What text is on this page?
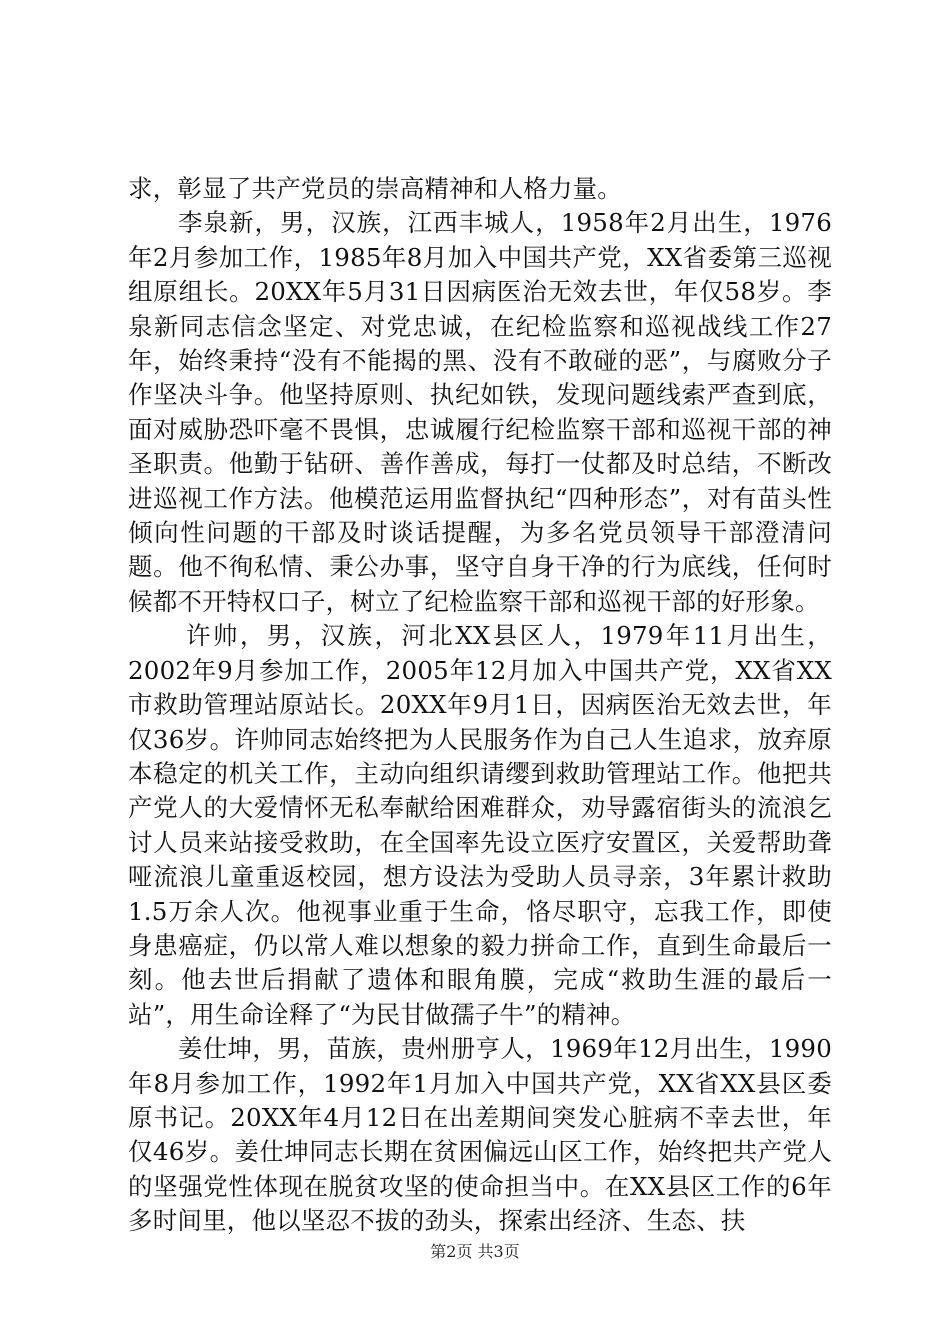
求，彰显了共产党员的崇高精神和人格力量。

李泉新，男，汉族，江西丰城人，1958年2月出生，1976年2月参加工作，1985年8月加入中国共产党，XX省委第三巡视组原组长。20XX年5月31日因病医治无效去世，年仅58岁。李泉新同志信念坚定、对党忠诚，在纪检监察和巡视战线工作27年，始终秉持“没有不能揭的黑、没有不敢碰的恶”，与腐败分子作坚决斗争。他坚持原则、执纪如铁，发现问题线索严查到底，面对威胁恐吓毫不畏惧，忠诚履行纪检监察干部和巡视干部的神圣职责。他勤于钻研、善作善成，每打一仗都及时总结，不断改进巡视工作方法。他模范运用监督执纪“四种形态”，对有苗头性倾向性问题的干部及时谈话提醒，为多名党员领导干部澄清问题。他不徇私情、秉公办事，坚守自身干净的行为底线，任何时候都不开特权口子，树立了纪检监察干部和巡视干部的好形象。

许帅，男，汉族，河北XX县区人，1979年11月出生，2002年9月参加工作，2005年12月加入中国共产党，XX省XX市救助管理站原站长。20XX年9月1日，因病医治无效去世，年仅36岁。许帅同志始终把为人民服务作为自己人生追求，放弃原本稳定的机关工作，主动向组织请缨到救助管理站工作。他把共产党人的大爱情怀无私奉献给困难群众，劝导露宿街头的流浪乞讨人员来站接受救助，在全国率先设立医疗安置区，关爱帮助聋哑流浪儿童重返校园，想方设法为受助人员寻亲，3年累计救助1.5万余人次。他视事业重于生命，恪尽职守，忘我工作，即使身患癌症，仍以常人难以想象的毅力拼命工作，直到生命最后一刻。他去世后捐献了遗体和眼角膜，完成“救助生涯的最后一站”，用生命诠释了“为民甘做孺子牛”的精神。

姜仕坤，男，苗族，贵州册亨人，1969年12月出生，1990年8月参加工作，1992年1月加入中国共产党，XX省XX县区委原书记。20XX年4月12日在出差期间突发心脏病不幸去世，年仅46岁。姜仕坤同志长期在贫困偏远山区工作，始终把共产党人的坚强党性体现在脱贫攻坚的使命担当中。在XX县区工作的6年多时间里，他以坚忍不拔的劲头，探索出经济、生态、扶

第2页 共3页
